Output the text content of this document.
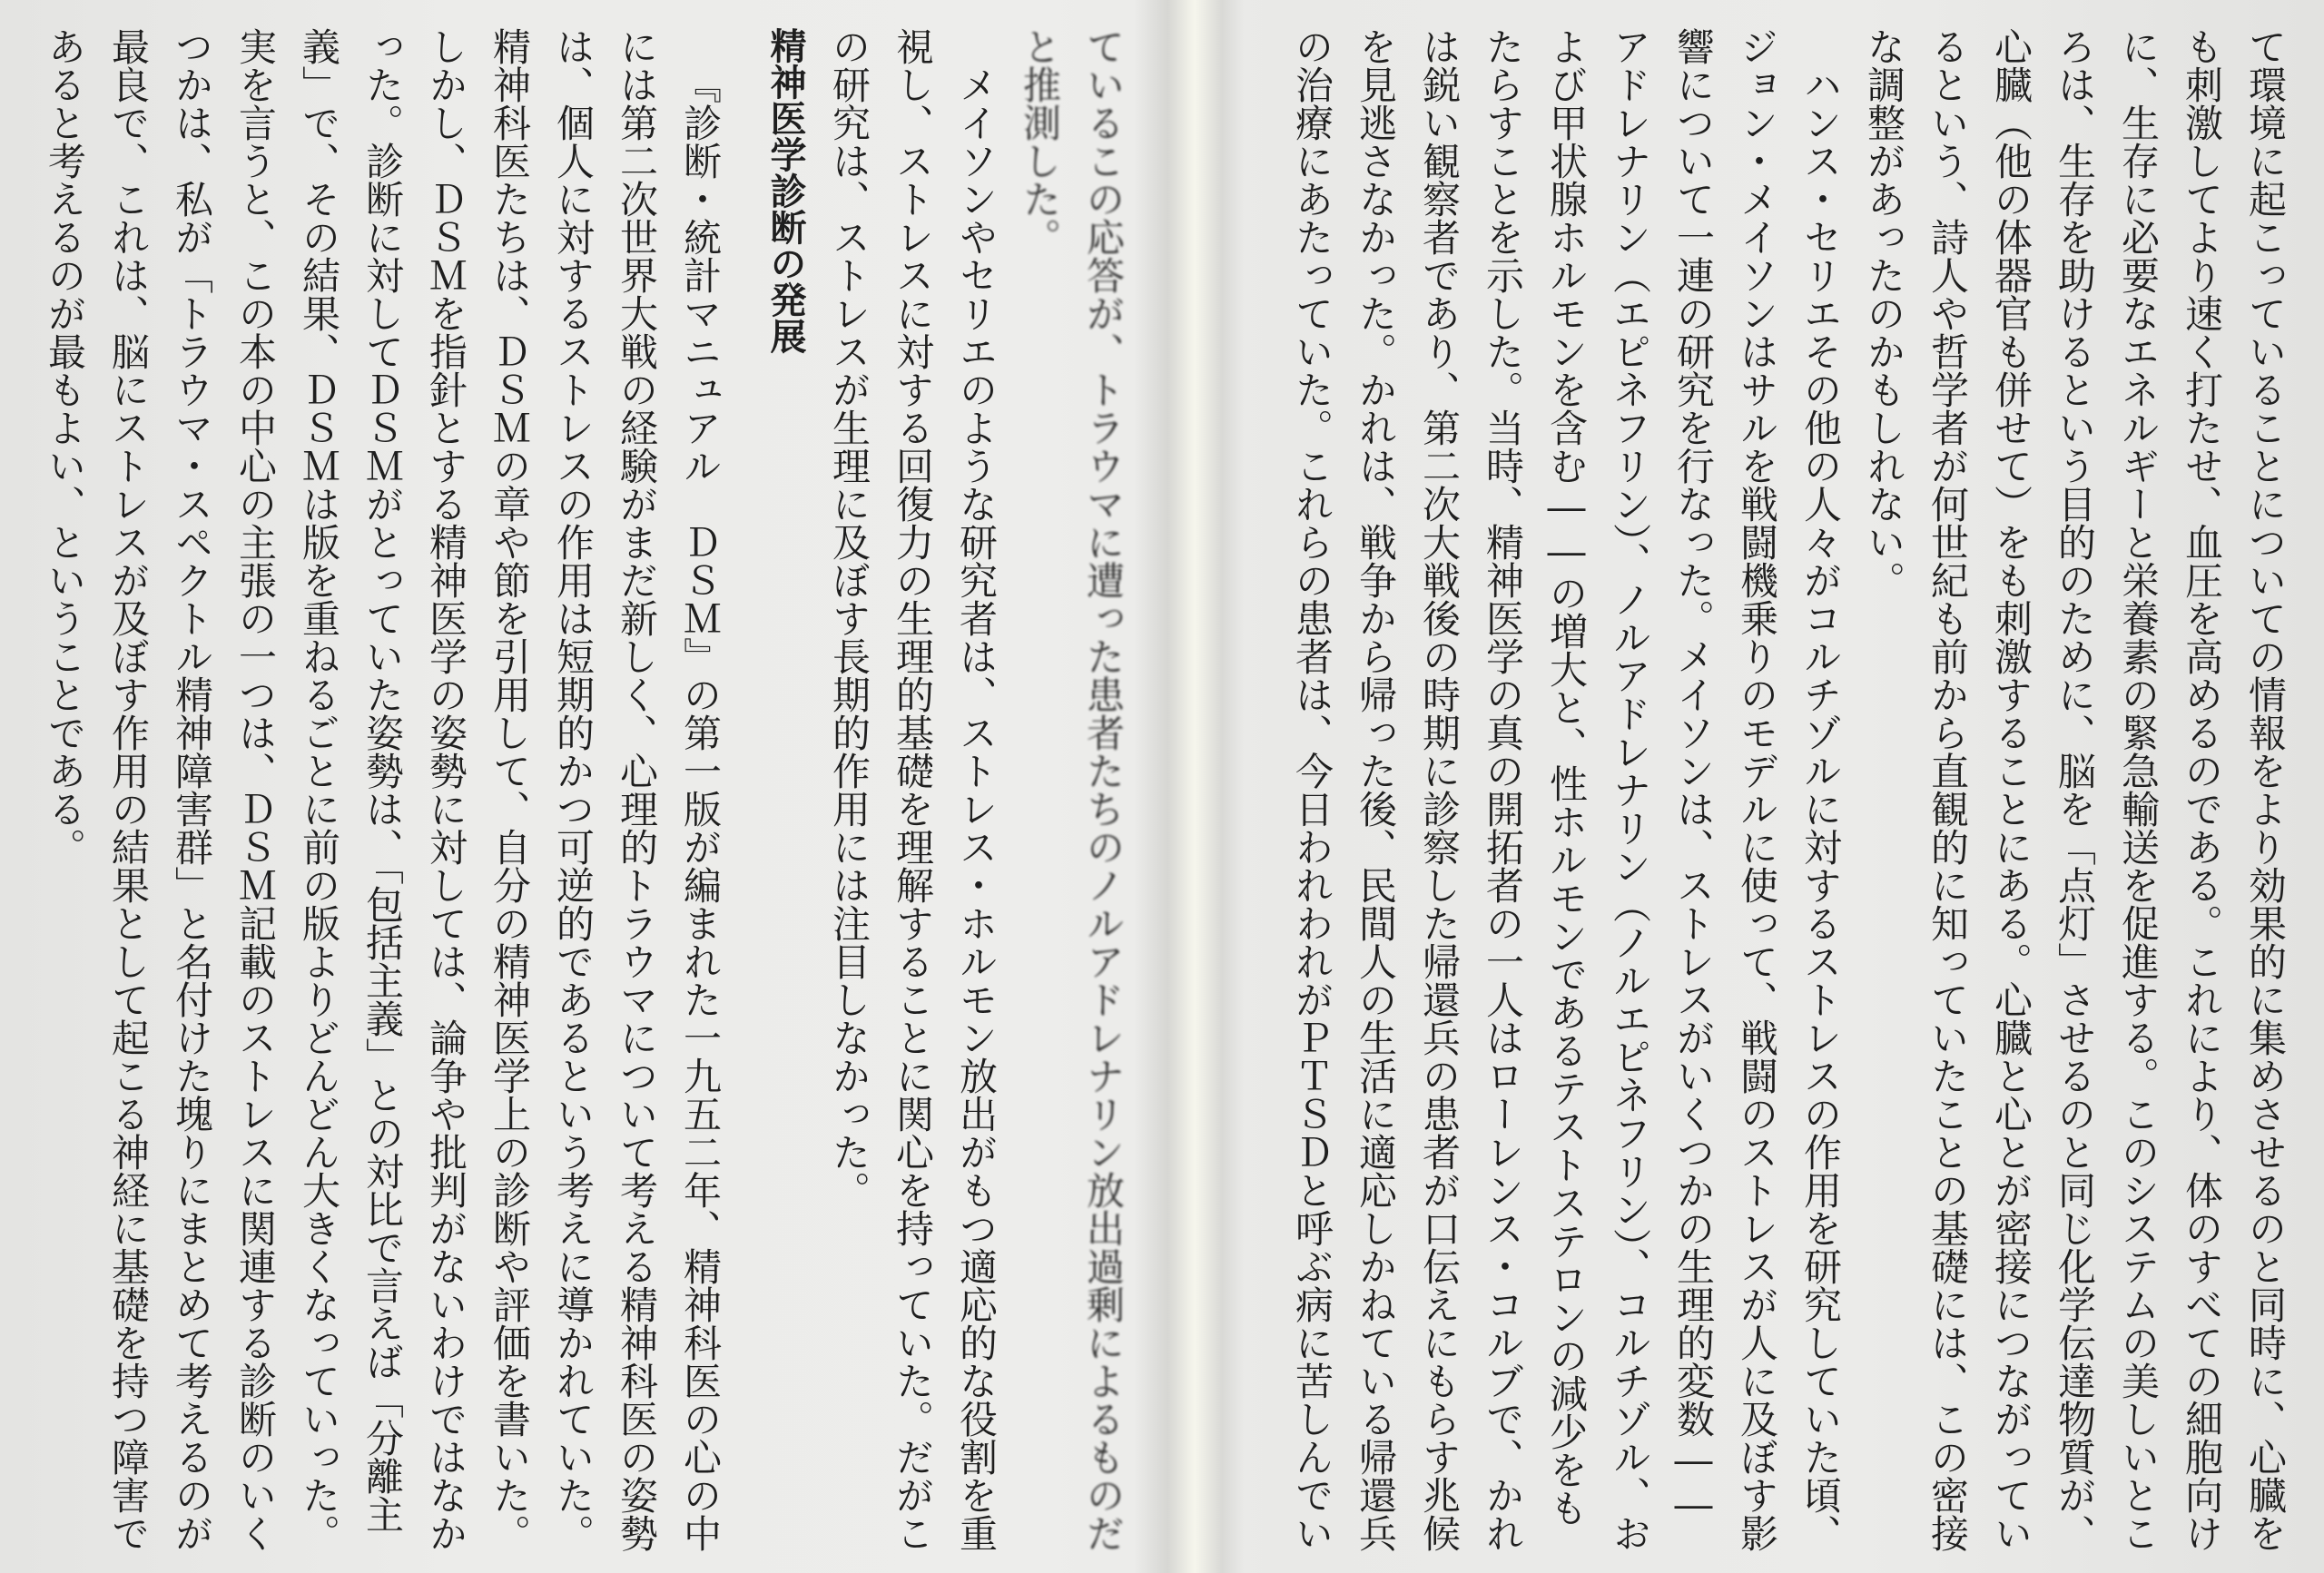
て環境に起こっていることについての情報をより効果的に集めさせるのと同時に、心臓をも刺激してより速く打たせ、血圧を高めるのである。これにより、体のすべての細胞向けに、生存に必要なエネルギーと栄養素の緊急輸送を促進する。このシステムの美しいところは、生存を助けるという目的のために、脳を「点灯」させるのと同じ化学伝達物質が、心臓（他の体器官も併せて）をも刺激することにある。心臓と心とが密接につながっているという、詩人や哲学者が何世紀も前から直観的に知っていたことの基礎には、この密接な調整があったのかもしれない。

ハンス・セリエその他の人々がコルチゾルに対するストレスの作用を研究していた頃、ジョン・メイソンはサルを戦闘機乗りのモデルに使って、戦闘のストレスが人に及ぼす影響について一連の研究を行なった。メイソンは、ストレスがいくつかの生理的変数――アドレナリン（エピネフリン）、ノルアドレナリン（ノルエピネフリン）、コルチゾル、および甲状腺ホルモンを含む――の増大と、性ホルモンであるテストステロンの減少をもたらすことを示した。当時、精神医学の真の開拓者の一人はローレンス・コルブで、かれは鋭い観察者であり、第二次大戦後の時期に診察した帰還兵の患者が口伝えにもらす兆候を見逃さなかった。かれは、戦争から帰った後、民間人の生活に適応しかねている帰還兵の治療にあたっていた。これらの患者は、今日われわれがＰＴＳＤと呼ぶ病に苦しんでい

ているこの応答が、トラウマに遭った患者たちのノルアドレナリン放出過剰によるものだと推測した。

メイソンやセリエのような研究者は、ストレス・ホルモン放出がもつ適応的な役割を重視し、ストレスに対する回復力の生理的基礎を理解することに関心を持っていた。だがこの研究は、ストレスが生理に及ぼす長期的作用には注目しなかった。

精神医学診断の発展

『診断・統計マニュアル　ＤＳＭ』の第一版が編まれた一九五二年、精神科医の心の中には第二次世界大戦の経験がまだ新しく、心理的トラウマについて考える精神科医の姿勢は、個人に対するストレスの作用は短期的かつ可逆的であるという考えに導かれていた。精神科医たちは、ＤＳＭの章や節を引用して、自分の精神医学上の診断や評価を書いた。しかし、ＤＳＭを指針とする精神医学の姿勢に対しては、論争や批判がないわけではなかった。診断に対してＤＳＭがとっていた姿勢は、「包括主義」との対比で言えば「分離主義」で、その結果、ＤＳＭは版を重ねるごとに前の版よりどんどん大きくなっていった。実を言うと、この本の中心の主張の一つは、ＤＳＭ記載のストレスに関連する診断のいくつかは、私が「トラウマ・スペクトル精神障害群」と名付けた塊りにまとめて考えるのが最良で、これは、脳にストレスが及ぼす作用の結果として起こる神経に基礎を持つ障害であると考えるのが最もよい、ということである。
